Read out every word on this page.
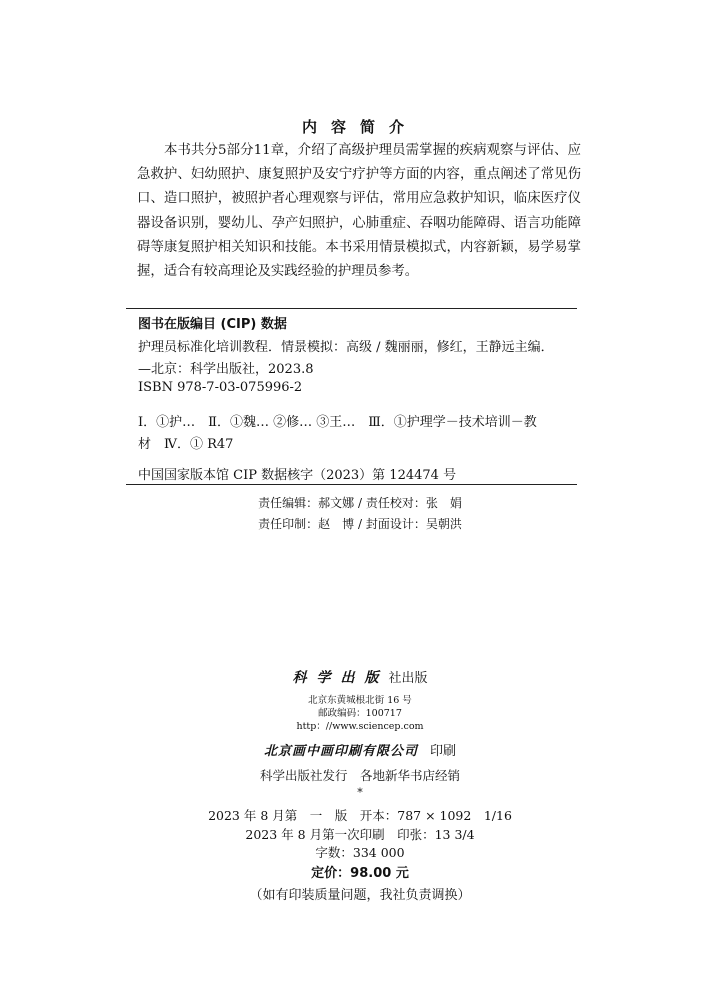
内容简介

本书共分5部分11章，介绍了高级护理员需掌握的疾病观察与评估、应急救护、妇幼照护、康复照护及安宁疗护等方面的内容，重点阐述了常见伤口、造口照护，被照护者心理观察与评估，常用应急救护知识，临床医疗仪器设备识别，婴幼儿、孕产妇照护，心肺重症、吞咽功能障碍、语言功能障碍等康复照护相关知识和技能。本书采用情景模拟式，内容新颖，易学易掌握，适合有较高理论及实践经验的护理员参考。

图书在版编目 (CIP) 数据
护理员标准化培训教程．情景模拟：高级 / 魏丽丽，修红，王静远主编．
—北京：科学出版社，2023.8
ISBN 978-7-03-075996-2
Ⅰ．①护…　Ⅱ．①魏… ②修… ③王…　Ⅲ．①护理学－技术培训－教
材　Ⅳ．① R47
中国国家版本馆 CIP 数据核字（2023）第 124474 号
责任编辑：郝文娜 / 责任校对：张　娟
责任印制：赵　博 / 封面设计：吴朝洪
科学出版社出版
北京东黄城根北街 16 号
邮政编码：100717
http：//www.sciencep.com
北京画中画印刷有限公司 印刷
科学出版社发行　各地新华书店经销
*
2023 年 8 月第　一　版　开本：787 × 1092　1/16
2023 年 8 月第一次印刷　印张：13 3/4
字数：334 000
定价：98.00 元
（如有印装质量问题，我社负责调换）
